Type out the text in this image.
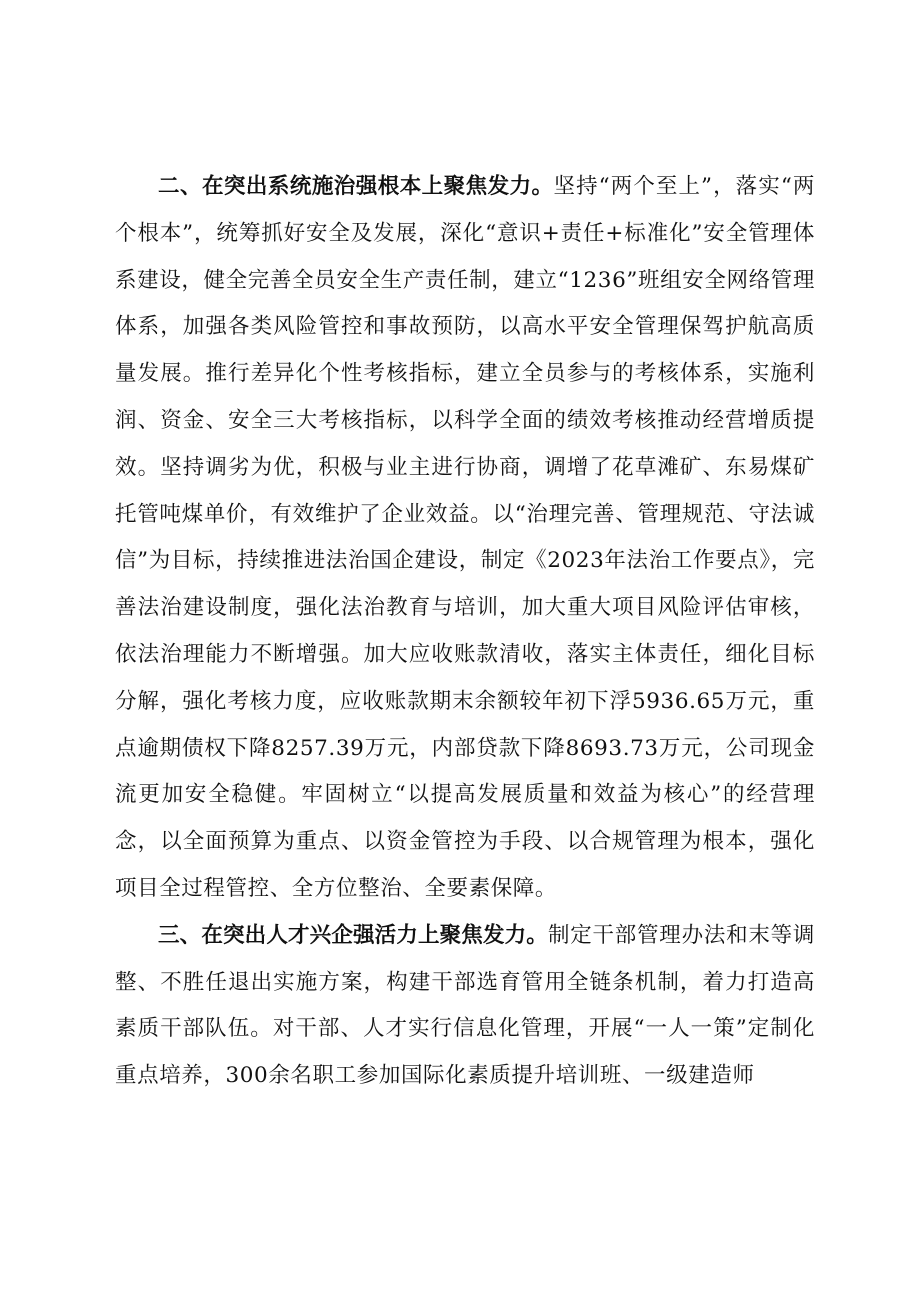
二、在突出系统施治强根本上聚焦发力。坚持“两个至上”，落实“两个根本”，统筹抓好安全及发展，深化“意识+责任+标准化”安全管理体系建设，健全完善全员安全生产责任制，建立“1236”班组安全网络管理体系，加强各类风险管控和事故预防，以高水平安全管理保驾护航高质量发展。推行差异化个性考核指标，建立全员参与的考核体系，实施利润、资金、安全三大考核指标，以科学全面的绩效考核推动经营增质提效。坚持调劣为优，积极与业主进行协商，调增了花草滩矿、东易煤矿托管吨煤单价，有效维护了企业效益。以“治理完善、管理规范、守法诚信”为目标，持续推进法治国企建设，制定《2023年法治工作要点》，完善法治建设制度，强化法治教育与培训，加大重大项目风险评估审核，依法治理能力不断增强。加大应收账款清收，落实主体责任，细化目标分解，强化考核力度，应收账款期末余额较年初下浮5936.65万元，重点逾期债权下降8257.39万元，内部贷款下降8693.73万元，公司现金流更加安全稳健。牢固树立“以提高发展质量和效益为核心”的经营理念，以全面预算为重点、以资金管控为手段、以合规管理为根本，强化项目全过程管控、全方位整治、全要素保障。

三、在突出人才兴企强活力上聚焦发力。制定干部管理办法和末等调整、不胜任退出实施方案，构建干部选育管用全链条机制，着力打造高素质干部队伍。对干部、人才实行信息化管理，开展“一人一策”定制化重点培养，300余名职工参加国际化素质提升培训班、一级建造师
